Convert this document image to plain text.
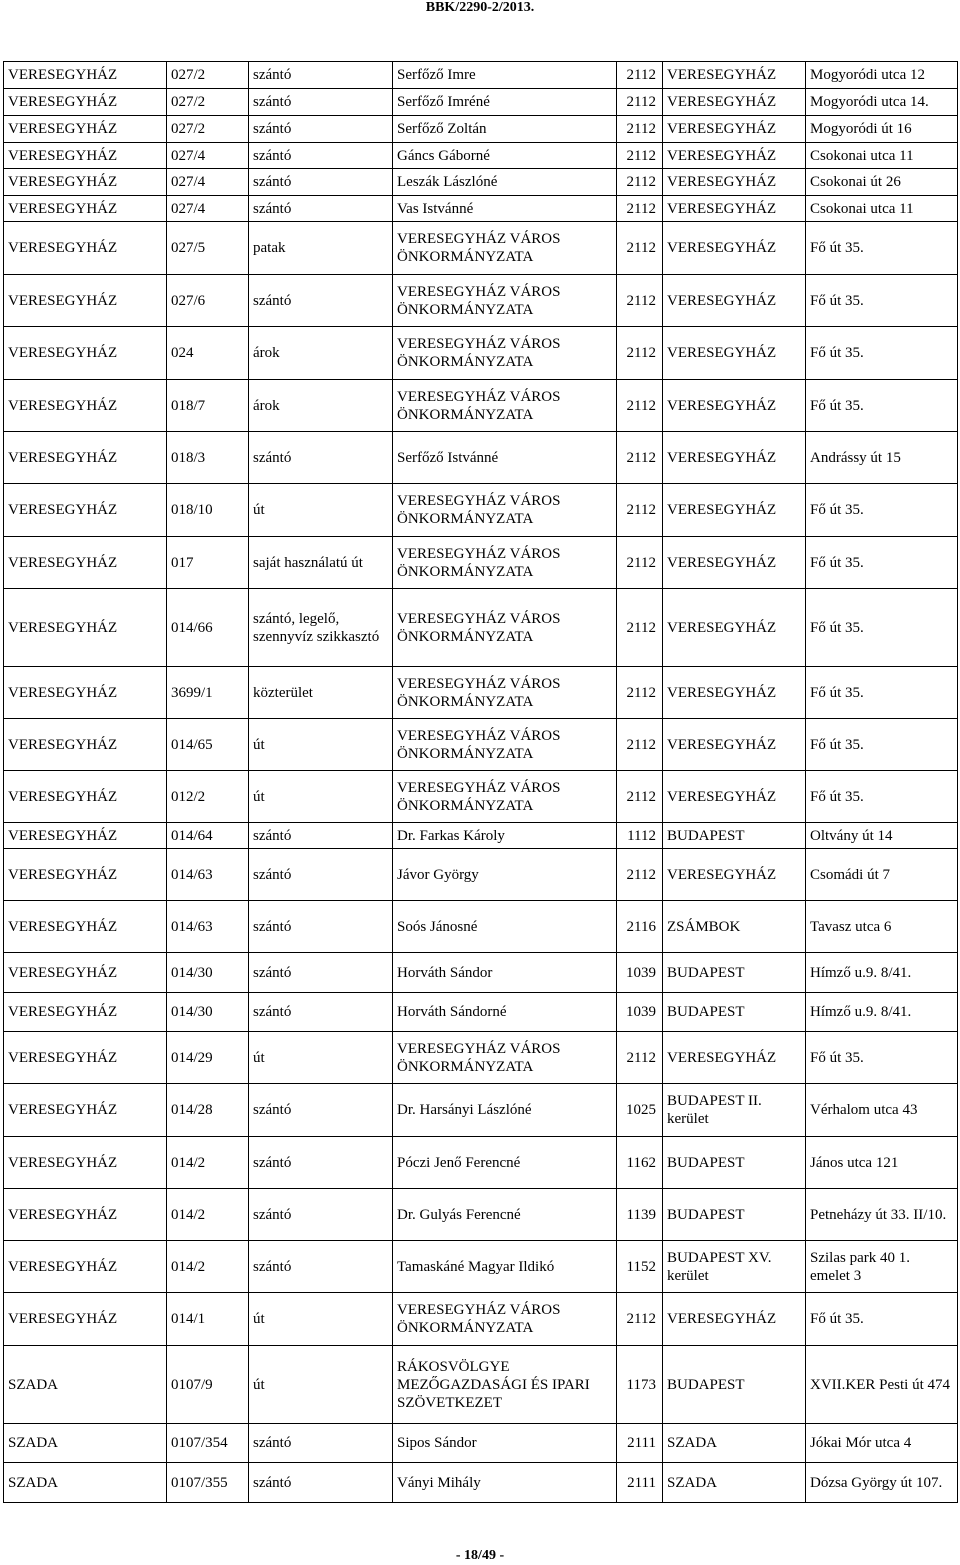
BBK/2290-2/2013.
VERESEGYHÁZ	027/2	szántó	Serfőző Imre	2112	VERESEGYHÁZ	Mogyoródi utca 12
VERESEGYHÁZ	027/2	szántó	Serfőző Imréné	2112	VERESEGYHÁZ	Mogyoródi utca 14.
VERESEGYHÁZ	027/2	szántó	Serfőző Zoltán	2112	VERESEGYHÁZ	Mogyoródi út 16
VERESEGYHÁZ	027/4	szántó	Gáncs Gáborné	2112	VERESEGYHÁZ	Csokonai utca 11
VERESEGYHÁZ	027/4	szántó	Leszák Lászlóné	2112	VERESEGYHÁZ	Csokonai út 26
VERESEGYHÁZ	027/4	szántó	Vas Istvánné	2112	VERESEGYHÁZ	Csokonai utca 11
VERESEGYHÁZ	027/5	patak	VERESEGYHÁZ VÁROS ÖNKORMÁNYZATA	2112	VERESEGYHÁZ	Fő út 35.
VERESEGYHÁZ	027/6	szántó	VERESEGYHÁZ VÁROS ÖNKORMÁNYZATA	2112	VERESEGYHÁZ	Fő út 35.
VERESEGYHÁZ	024	árok	VERESEGYHÁZ VÁROS ÖNKORMÁNYZATA	2112	VERESEGYHÁZ	Fő út 35.
VERESEGYHÁZ	018/7	árok	VERESEGYHÁZ VÁROS ÖNKORMÁNYZATA	2112	VERESEGYHÁZ	Fő út 35.
VERESEGYHÁZ	018/3	szántó	Serfőző Istvánné	2112	VERESEGYHÁZ	Andrássy út 15
VERESEGYHÁZ	018/10	út	VERESEGYHÁZ VÁROS ÖNKORMÁNYZATA	2112	VERESEGYHÁZ	Fő út 35.
VERESEGYHÁZ	017	saját használatú út	VERESEGYHÁZ VÁROS ÖNKORMÁNYZATA	2112	VERESEGYHÁZ	Fő út 35.
VERESEGYHÁZ	014/66	szántó, legelő, szennyvíz szikkasztó	VERESEGYHÁZ VÁROS ÖNKORMÁNYZATA	2112	VERESEGYHÁZ	Fő út 35.
VERESEGYHÁZ	3699/1	közterület	VERESEGYHÁZ VÁROS ÖNKORMÁNYZATA	2112	VERESEGYHÁZ	Fő út 35.
VERESEGYHÁZ	014/65	út	VERESEGYHÁZ VÁROS ÖNKORMÁNYZATA	2112	VERESEGYHÁZ	Fő út 35.
VERESEGYHÁZ	012/2	út	VERESEGYHÁZ VÁROS ÖNKORMÁNYZATA	2112	VERESEGYHÁZ	Fő út 35.
VERESEGYHÁZ	014/64	szántó	Dr. Farkas Károly	1112	BUDAPEST	Oltvány út 14
VERESEGYHÁZ	014/63	szántó	Jávor György	2112	VERESEGYHÁZ	Csomádi út 7
VERESEGYHÁZ	014/63	szántó	Soós Jánosné	2116	ZSÁMBOK	Tavasz utca 6
VERESEGYHÁZ	014/30	szántó	Horváth Sándor	1039	BUDAPEST	Hímző u.9. 8/41.
VERESEGYHÁZ	014/30	szántó	Horváth Sándorné	1039	BUDAPEST	Hímző u.9. 8/41.
VERESEGYHÁZ	014/29	út	VERESEGYHÁZ VÁROS ÖNKORMÁNYZATA	2112	VERESEGYHÁZ	Fő út 35.
VERESEGYHÁZ	014/28	szántó	Dr. Harsányi Lászlóné	1025	BUDAPEST II. kerület	Vérhalom utca 43
VERESEGYHÁZ	014/2	szántó	Póczi Jenő Ferencné	1162	BUDAPEST	János utca 121
VERESEGYHÁZ	014/2	szántó	Dr. Gulyás Ferencné	1139	BUDAPEST	Petneházy út 33. II/10.
VERESEGYHÁZ	014/2	szántó	Tamaskáné Magyar Ildikó	1152	BUDAPEST XV. kerület	Szilas park 40 1. emelet 3
VERESEGYHÁZ	014/1	út	VERESEGYHÁZ VÁROS ÖNKORMÁNYZATA	2112	VERESEGYHÁZ	Fő út 35.
SZADA	0107/9	út	RÁKOSVÖLGYE MEZŐGAZDASÁGI ÉS IPARI SZÖVETKEZET	1173	BUDAPEST	XVII.KER Pesti út 474
SZADA	0107/354	szántó	Sipos Sándor	2111	SZADA	Jókai Mór utca 4
SZADA	0107/355	szántó	Ványi Mihály	2111	SZADA	Dózsa György út 107.
- 18/49 -
